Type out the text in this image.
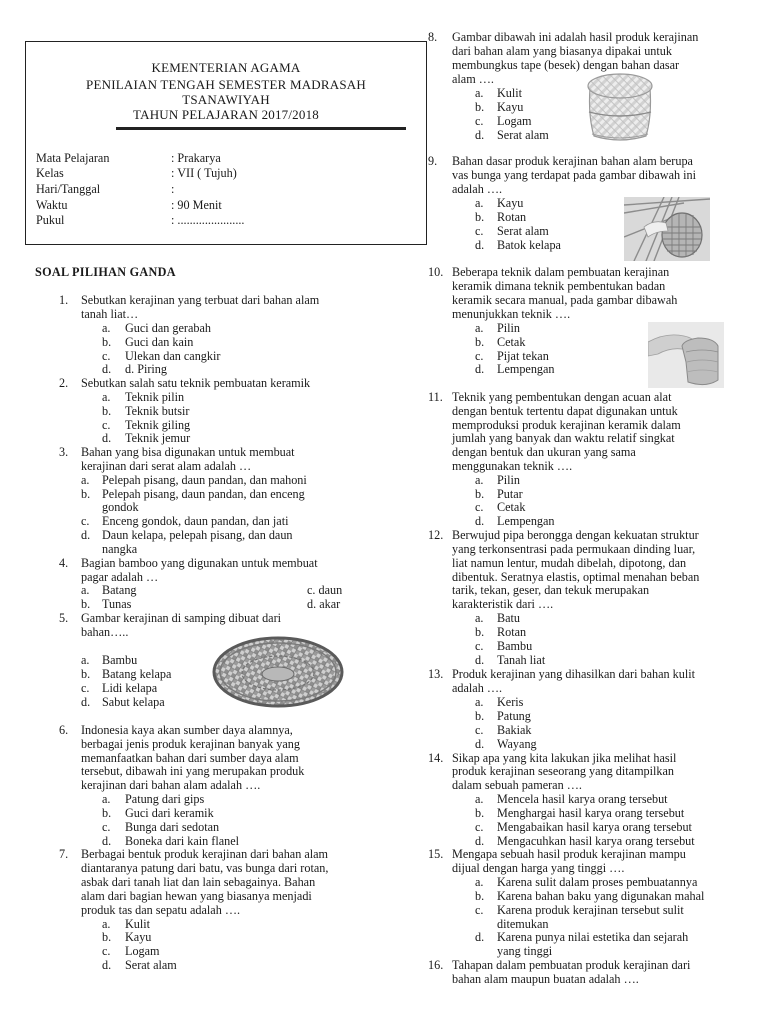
KEMENTERIAN AGAMA
PENILAIAN TENGAH SEMESTER MADRASAH
TSANAWIYAH
TAHUN PELAJARAN 2017/2018
Mata Pelajaran	: Prakarya
Kelas	: VII ( Tujuh)
Hari/Tanggal	:
Waktu	: 90 Menit
Pukul	: ......................
SOAL PILIHAN GANDA
1. Sebutkan kerajinan yang terbuat dari bahan alam
tanah liat…
a. Guci dan gerabah
b. Guci dan kain
c. Ulekan dan cangkir
d. d. Piring
2. Sebutkan salah satu teknik pembuatan keramik
a. Teknik pilin
b. Teknik butsir
c. Teknik giling
d. Teknik jemur
3. Bahan yang bisa digunakan untuk membuat
kerajinan dari serat alam adalah …
a. Pelepah pisang, daun pandan, dan mahoni
b. Pelepah pisang, daun pandan, dan enceng
gondok
c. Enceng gondok, daun pandan, dan jati
d. Daun kelapa, pelepah pisang, dan daun
nangka
4. Bagian bamboo yang digunakan untuk membuat
pagar adalah …
a. Batang
b. Tunas
c. daun
d. akar
5. Gambar kerajinan di samping dibuat dari
bahan…..
a. Bambu
b. Batang kelapa
c. Lidi kelapa
d. Sabut kelapa
6. Indonesia kaya akan sumber daya alamnya,
berbagai jenis produk kerajinan banyak yang
memanfaatkan bahan dari sumber daya alam
tersebut, dibawah ini yang merupakan produk
kerajinan dari bahan alam adalah ….
a. Patung dari gips
b. Guci dari keramik
c. Bunga dari sedotan
d. Boneka dari kain flanel
7. Berbagai bentuk produk kerajinan dari bahan alam
diantaranya patung dari batu, vas bunga dari rotan,
asbak dari tanah liat dan lain sebagainya. Bahan
alam dari bagian hewan yang biasanya menjadi
produk tas dan sepatu adalah ….
a. Kulit
b. Kayu
c. Logam
d. Serat alam
8. Gambar dibawah ini adalah hasil produk kerajinan
dari bahan alam yang biasanya dipakai untuk
membungkus tape (besek) dengan bahan dasar
alam ….
a. Kulit
b. Kayu
c. Logam
d. Serat alam
9. Bahan dasar produk kerajinan bahan alam berupa
vas bunga yang terdapat pada gambar dibawah ini
adalah ….
a. Kayu
b. Rotan
c. Serat alam
d. Batok kelapa
10. Beberapa teknik dalam pembuatan kerajinan
keramik dimana teknik pembentukan badan
keramik secara manual, pada gambar dibawah
menunjukkan teknik ….
a. Pilin
b. Cetak
c. Pijat tekan
d. Lempengan
11. Teknik yang pembentukan dengan acuan alat
dengan bentuk tertentu dapat digunakan untuk
memproduksi produk kerajinan keramik dalam
jumlah yang banyak dan waktu relatif singkat
dengan bentuk dan ukuran yang sama
menggunakan teknik ….
a. Pilin
b. Putar
c. Cetak
d. Lempengan
12. Berwujud pipa berongga dengan kekuatan struktur
yang terkonsentrasi pada permukaan dinding luar,
liat namun lentur, mudah dibelah, dipotong, dan
dibentuk. Seratnya elastis, optimal menahan beban
tarik, tekan, geser, dan tekuk merupakan
karakteristik dari ….
a. Batu
b. Rotan
c. Bambu
d. Tanah liat
13. Produk kerajinan yang dihasilkan dari bahan kulit
adalah ….
a. Keris
b. Patung
c. Bakiak
d. Wayang
14. Sikap apa yang kita lakukan jika melihat hasil
produk kerajinan seseorang yang ditampilkan
dalam sebuah pameran ….
a. Mencela hasil karya orang tersebut
b. Menghargai hasil karya orang tersebut
c. Mengabaikan hasil karya orang tersebut
d. Mengacuhkan hasil karya orang tersebut
15. Mengapa sebuah hasil produk kerajinan mampu
dijual dengan harga yang tinggi ….
a. Karena sulit dalam proses pembuatannya
b. Karena bahan baku yang digunakan mahal
c. Karena produk kerajinan tersebut sulit
ditemukan
d. Karena punya nilai estetika dan sejarah
yang tinggi
16. Tahapan dalam pembuatan produk kerajinan dari
bahan alam maupun buatan adalah ….
